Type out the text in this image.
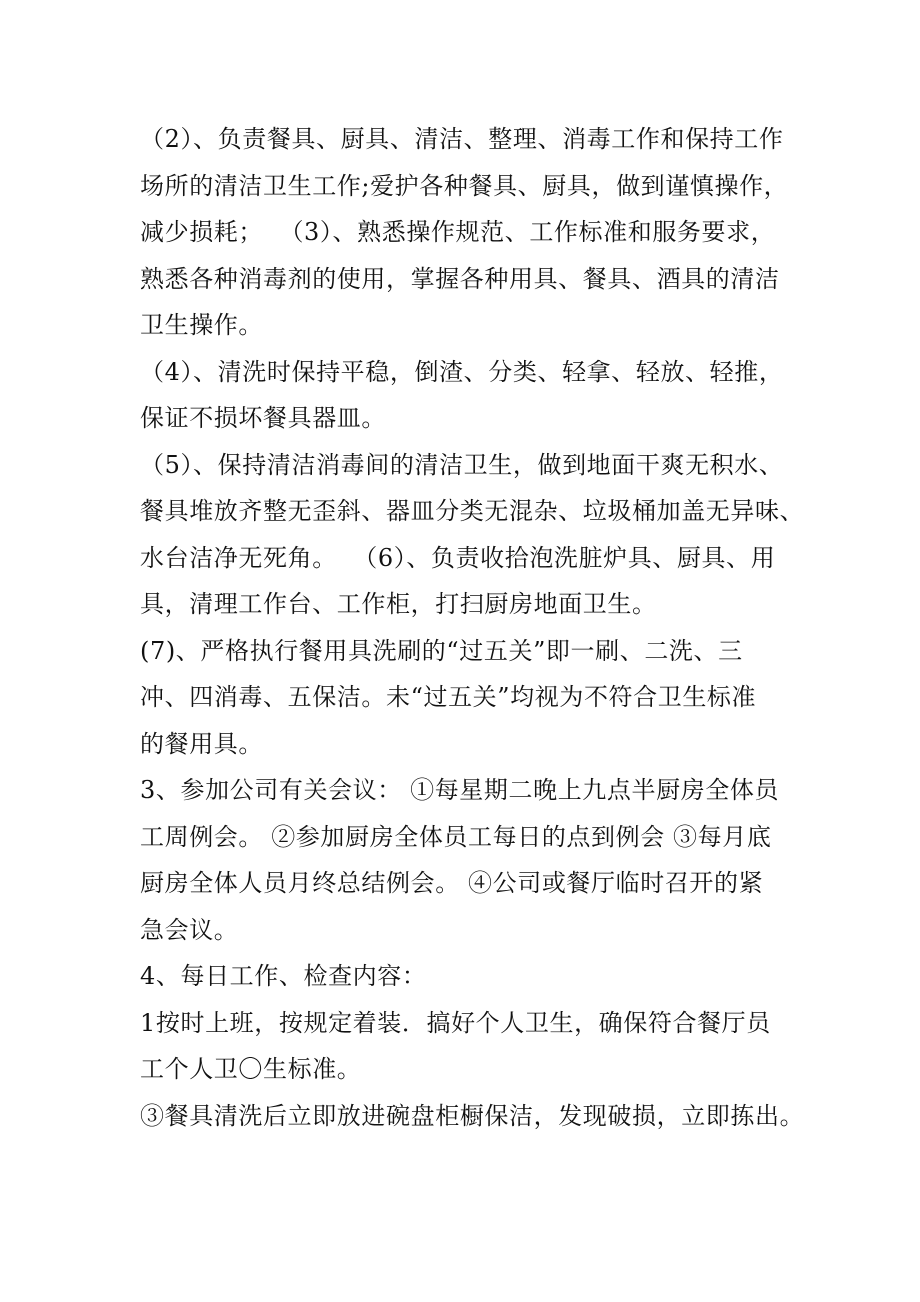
（2）、负责餐具、厨具、清洁、整理、消毒工作和保持工作
场所的清洁卫生工作;爱护各种餐具、厨具，做到谨慎操作，
减少损耗；  （3）、熟悉操作规范、工作标准和服务要求，
熟悉各种消毒剂的使用，掌握各种用具、餐具、酒具的清洁
卫生操作。
（4）、清洗时保持平稳，倒渣、分类、轻拿、轻放、轻推，
保证不损坏餐具器皿。
（5）、保持清洁消毒间的清洁卫生，做到地面干爽无积水、
餐具堆放齐整无歪斜、器皿分类无混杂、垃圾桶加盖无异味、
水台洁净无死角。  （6）、负责收拾泡洗脏炉具、厨具、用
具，清理工作台、工作柜，打扫厨房地面卫生。
(7)、严格执行餐用具洗刷的“过五关”即一刷、二洗、三
冲、四消毒、五保洁。未“过五关”均视为不符合卫生标准
的餐用具。
3、参加公司有关会议： ①每星期二晚上九点半厨房全体员
工周例会。 ②参加厨房全体员工每日的点到例会 ③每月底
厨房全体人员月终总结例会。 ④公司或餐厅临时召开的紧
急会议。
4、每日工作、检查内容：
1按时上班，按规定着装．搞好个人卫生，确保符合餐厅员
工个人卫〇生标准。
③餐具清洗后立即放进碗盘柜橱保洁，发现破损，立即拣出。
